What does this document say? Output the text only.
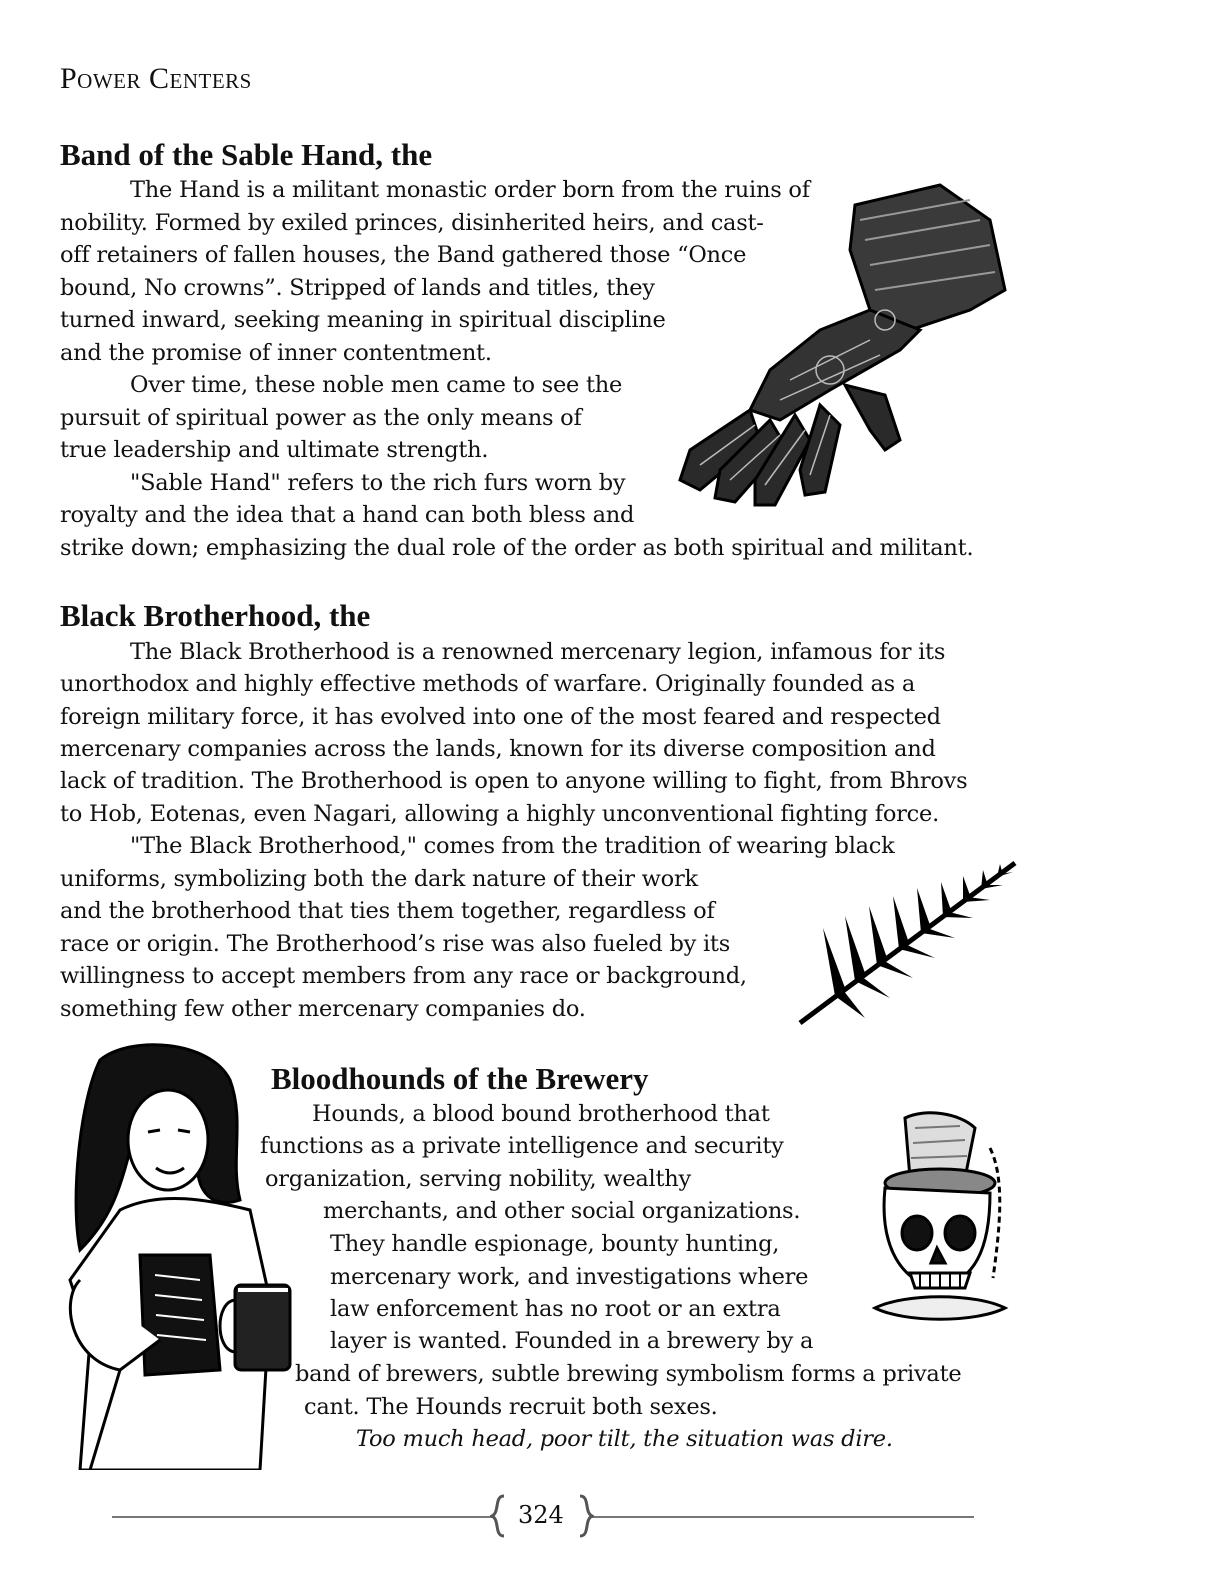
Power Centers
Band of the Sable Hand, the
The Hand is a militant monastic order born from the ruins of
nobility. Formed by exiled princes, disinherited heirs, and cast-
off retainers of fallen houses, the Band gathered those “Once
bound, No crowns”. Stripped of lands and titles, they
turned inward, seeking meaning in spiritual discipline
and the promise of inner contentment.
Over time, these noble men came to see the
pursuit of spiritual power as the only means of
true leadership and ultimate strength.
"Sable Hand" refers to the rich furs worn by
royalty and the idea that a hand can both bless and
strike down; emphasizing the dual role of the order as both spiritual and militant.
Black Brotherhood, the
The Black Brotherhood is a renowned mercenary legion, infamous for its
unorthodox and highly effective methods of warfare. Originally founded as a
foreign military force, it has evolved into one of the most feared and respected
mercenary companies across the lands, known for its diverse composition and
lack of tradition. The Brotherhood is open to anyone willing to fight, from Bhrovs
to Hob, Eotenas, even Nagari, allowing a highly unconventional fighting force.
"The Black Brotherhood," comes from the tradition of wearing black
uniforms, symbolizing both the dark nature of their work
and the brotherhood that ties them together, regardless of
race or origin. The Brotherhood’s rise was also fueled by its
willingness to accept members from any race or background,
something few other mercenary companies do.
Bloodhounds of the Brewery
Hounds, a blood bound brotherhood that
functions as a private intelligence and security
organization, serving nobility, wealthy
merchants, and other social organizations.
They handle espionage, bounty hunting,
mercenary work, and investigations where
law enforcement has no root or an extra
layer is wanted. Founded in a brewery by a
band of brewers, subtle brewing symbolism forms a private
cant. The Hounds recruit both sexes.
Too much head, poor tilt, the situation was dire.
324
